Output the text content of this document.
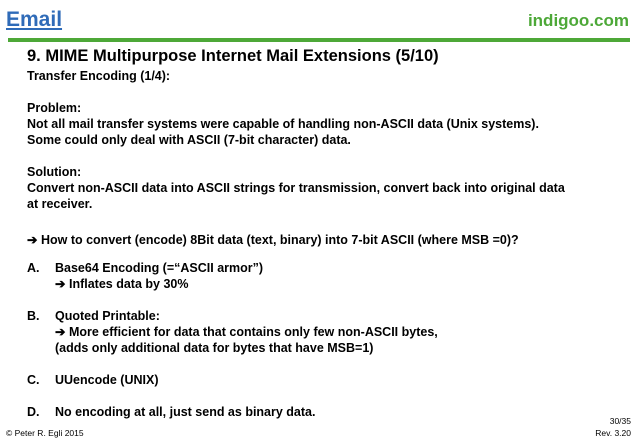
Email	indigoo.com
9. MIME Multipurpose Internet Mail Extensions (5/10)

Transfer Encoding (1/4):

Problem:

Not all mail transfer systems were capable of handling non-ASCII data (Unix systems).

Some could only deal with ASCII (7-bit character) data.

Solution:

Convert non-ASCII data into ASCII strings for transmission, convert back into original data

at receiver.

➔ How to convert (encode) 8Bit data (text, binary) into 7-bit ASCII (where MSB =0)?

A.	Base64 Encoding (=“ASCII armor”)
➔ Inflates data by 30%
B.	Quoted Printable:
➔ More efficient for data that contains only few non-ASCII bytes,
(adds only additional data for bytes that have MSB=1)
C.	UUencode (UNIX)
D.	No encoding at all, just send as binary data.
© Peter R. Egli 2015
30/35
Rev. 3.20
